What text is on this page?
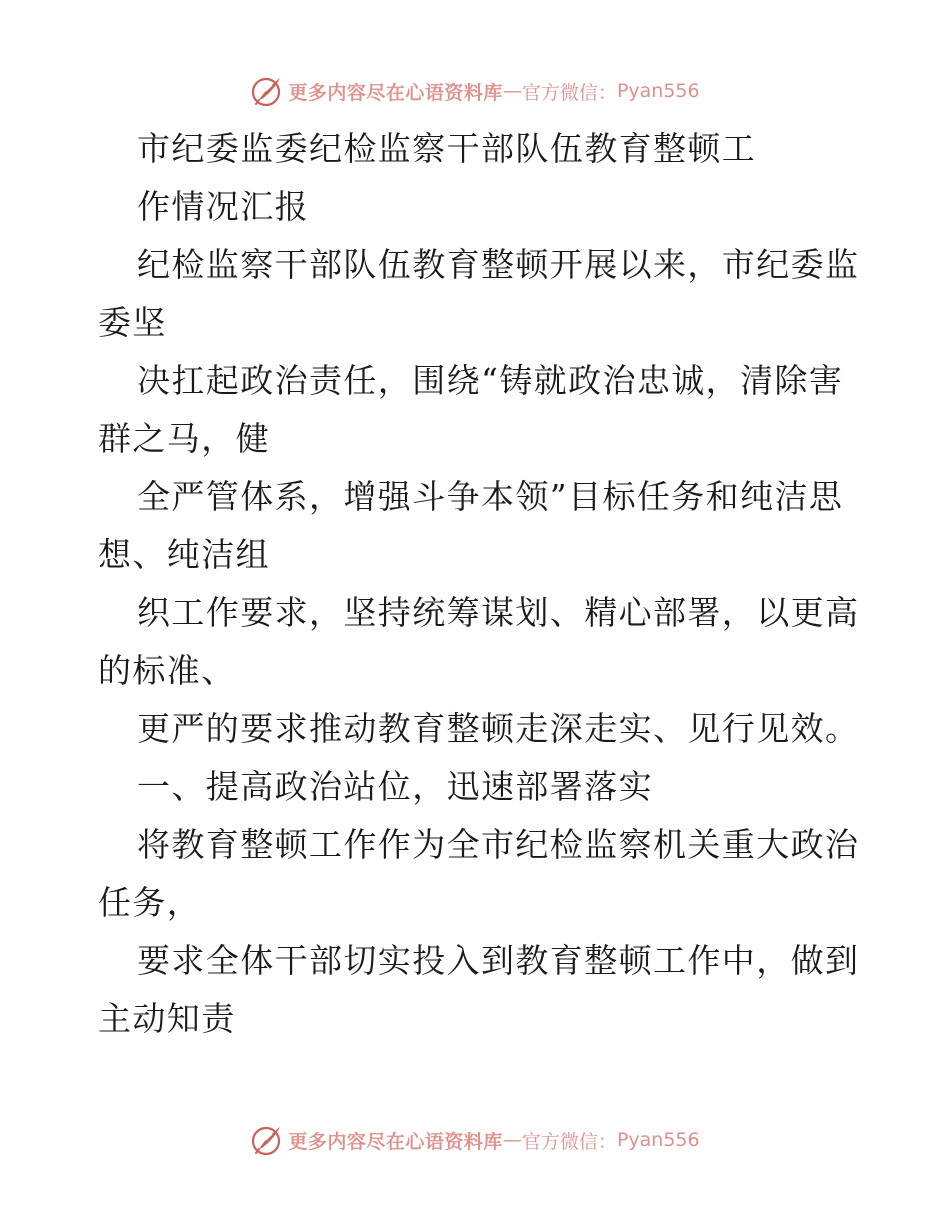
更多内容尽在心语资料库 — 官方微信： Pyan556
市纪委监委纪检监察干部队伍教育整顿工
作情况汇报
纪检监察干部队伍教育整顿开展以来，市纪委监
委坚
决扛起政治责任，围绕“铸就政治忠诚，清除害
群之马，健
全严管体系，增强斗争本领”目标任务和纯洁思
想、纯洁组
织工作要求，坚持统筹谋划、精心部署，以更高
的标准、
更严的要求推动教育整顿走深走实、见行见效。
一、提高政治站位，迅速部署落实
将教育整顿工作作为全市纪检监察机关重大政治
任务，
要求全体干部切实投入到教育整顿工作中，做到
主动知责
更多内容尽在心语资料库 — 官方微信： Pyan556
